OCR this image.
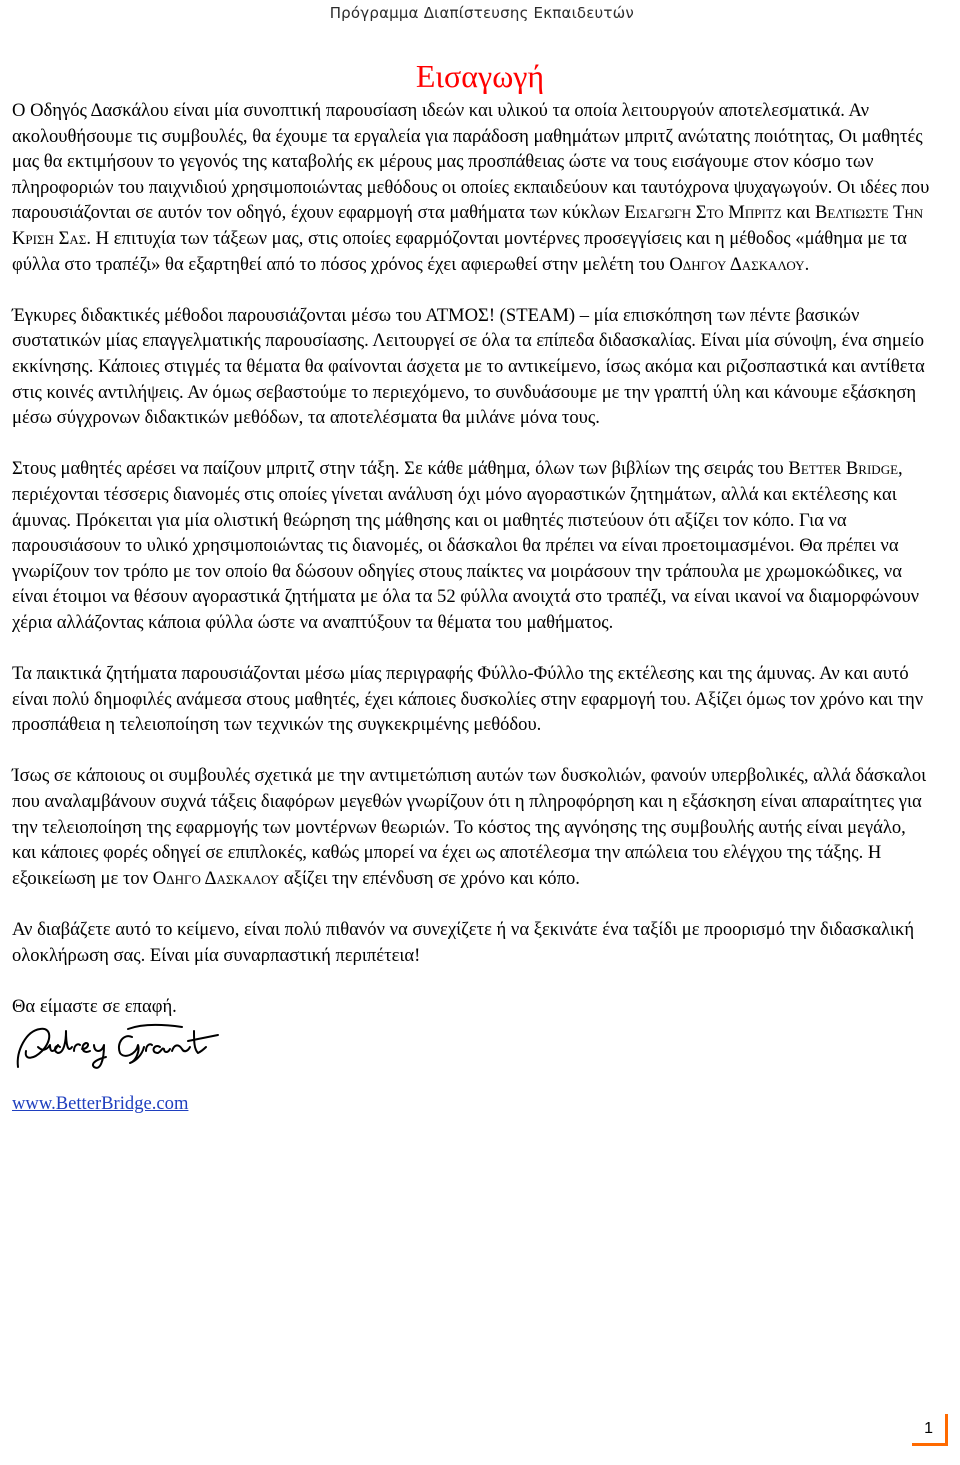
Πρόγραμμα Διαπίστευσης Εκπαιδευτών
Εισαγωγή

Ο Οδηγός Δασκάλου είναι μία συνοπτική παρουσίαση ιδεών και υλικού τα οποία λειτουργούν αποτελεσματικά. Αν ακολουθήσουμε τις συμβουλές, θα έχουμε τα εργαλεία για παράδοση μαθημάτων μπριτζ ανώτατης ποιότητας, Οι μαθητές μας θα εκτιμήσουν το γεγονός της καταβολής εκ μέρους μας προσπάθειας ώστε να τους εισάγουμε στον κόσμο των πληροφοριών του παιχνιδιού χρησιμοποιώντας μεθόδους οι οποίες εκπαιδεύουν και ταυτόχρονα ψυχαγωγούν. Οι ιδέες που παρουσιάζονται σε αυτόν τον οδηγό, έχουν εφαρμογή στα μαθήματα των κύκλων Εισαγωγη Στο Μπριτζ και Βελτιωστε Την Κριση Σας. Η επιτυχία των τάξεων μας, στις οποίες εφαρμόζονται μοντέρνες προσεγγίσεις και η μέθοδος «μάθημα με τα φύλλα στο τραπέζι» θα εξαρτηθεί από το πόσος χρόνος έχει αφιερωθεί στην μελέτη του Οδηγου Δασκαλου.

Έγκυρες διδακτικές μέθοδοι παρουσιάζονται μέσω του ΑΤΜΟΣ! (STEAM) – μία επισκόπηση των πέντε βασικών συστατικών μίας επαγγελματικής παρουσίασης. Λειτουργεί σε όλα τα επίπεδα διδασκαλίας. Είναι μία σύνοψη, ένα σημείο εκκίνησης. Κάποιες στιγμές τα θέματα θα φαίνονται άσχετα με το αντικείμενο, ίσως ακόμα και ριζοσπαστικά και αντίθετα στις κοινές αντιλήψεις. Αν όμως σεβαστούμε το περιεχόμενο, το συνδυάσουμε με την γραπτή ύλη και κάνουμε εξάσκηση μέσω σύγχρονων διδακτικών μεθόδων, τα αποτελέσματα θα μιλάνε μόνα τους.

Στους μαθητές αρέσει να παίζουν μπριτζ στην τάξη. Σε κάθε μάθημα, όλων των βιβλίων της σειράς του Better Bridge, περιέχονται τέσσερις διανομές στις οποίες γίνεται ανάλυση όχι μόνο αγοραστικών ζητημάτων, αλλά και εκτέλεσης και άμυνας. Πρόκειται για μία ολιστική θεώρηση της μάθησης και οι μαθητές πιστεύουν ότι αξίζει τον κόπο. Για να παρουσιάσουν το υλικό χρησιμοποιώντας τις διανομές, οι δάσκαλοι θα πρέπει να είναι προετοιμασμένοι. Θα πρέπει να γνωρίζουν τον τρόπο με τον οποίο θα δώσουν οδηγίες στους παίκτες να μοιράσουν την τράπουλα με χρωμοκώδικες, να είναι έτοιμοι να θέσουν αγοραστικά ζητήματα με όλα τα 52 φύλλα ανοιχτά στο τραπέζι, να είναι ικανοί να διαμορφώνουν χέρια αλλάζοντας κάποια φύλλα ώστε να αναπτύξουν τα θέματα του μαθήματος.

Τα παικτικά ζητήματα παρουσιάζονται μέσω μίας περιγραφής Φύλλο-Φύλλο της εκτέλεσης και της άμυνας. Αν και αυτό είναι πολύ δημοφιλές ανάμεσα στους μαθητές, έχει κάποιες δυσκολίες στην εφαρμογή του. Αξίζει όμως τον χρόνο και την προσπάθεια η τελειοποίηση των τεχνικών της συγκεκριμένης μεθόδου.

Ίσως σε κάποιους οι συμβουλές σχετικά με την αντιμετώπιση αυτών των δυσκολιών, φανούν υπερβολικές, αλλά δάσκαλοι που αναλαμβάνουν συχνά τάξεις διαφόρων μεγεθών γνωρίζουν ότι η πληροφόρηση και η εξάσκηση είναι απαραίτητες για την τελειοποίηση της εφαρμογής των μοντέρνων θεωριών. Το κόστος της αγνόησης της συμβουλής αυτής είναι μεγάλο, και κάποιες φορές οδηγεί σε επιπλοκές, καθώς μπορεί να έχει ως αποτέλεσμα την απώλεια του ελέγχου της τάξης. Η εξοικείωση με τον Οδηγο Δασκαλου αξίζει την επένδυση σε χρόνο και κόπο.

Αν διαβάζετε αυτό το κείμενο, είναι πολύ πιθανόν να συνεχίζετε ή να ξεκινάτε ένα ταξίδι με προορισμό την διδασκαλική ολοκλήρωση σας. Είναι μία συναρπαστική περιπέτεια!

Θα είμαστε σε επαφή.

www.BetterBridge.com
1
